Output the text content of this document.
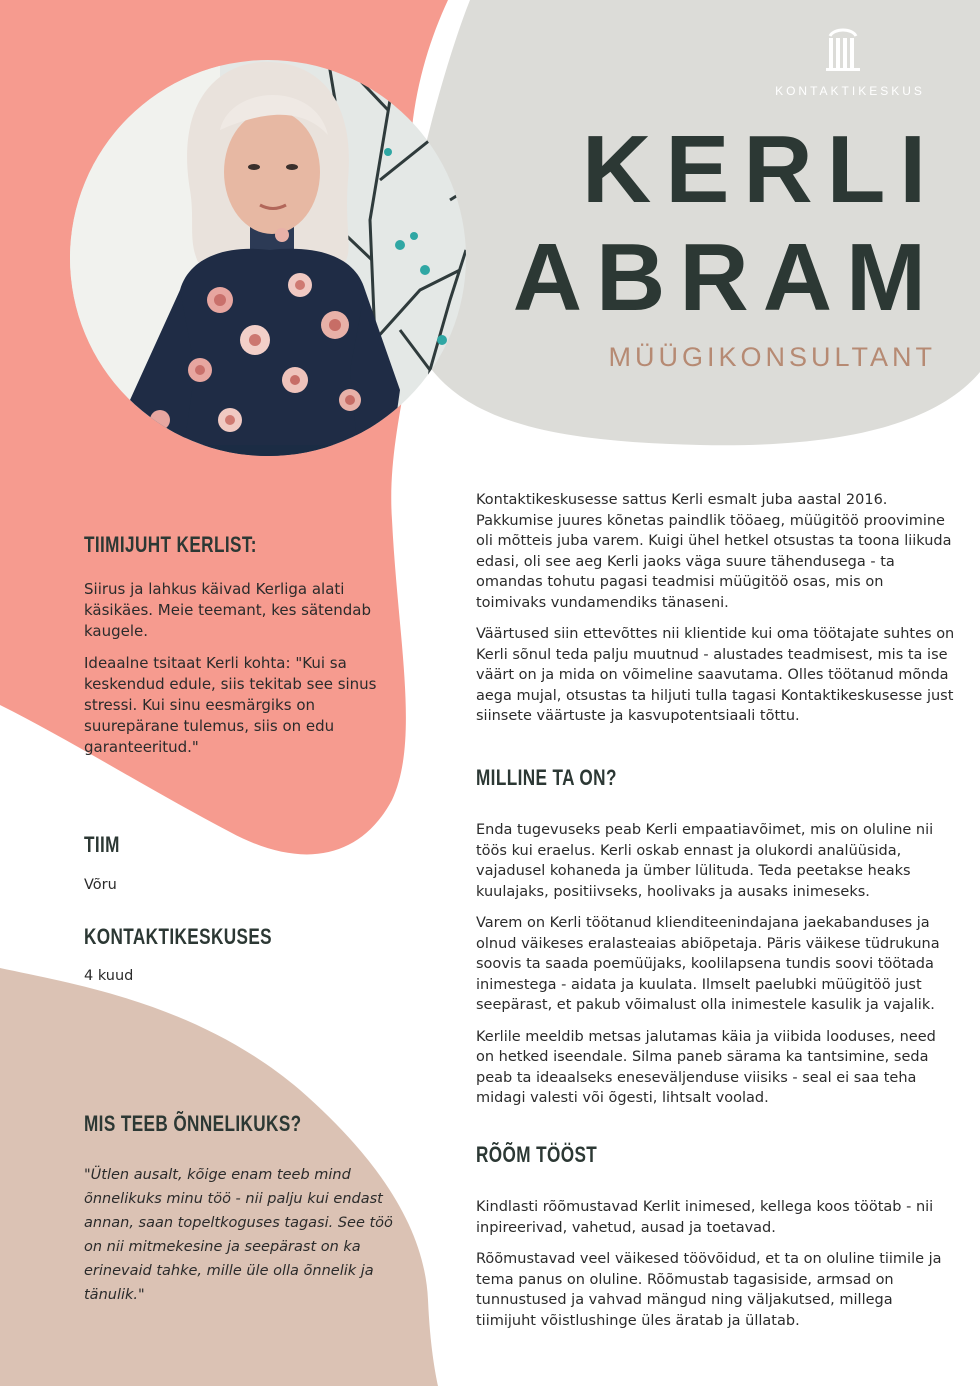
KONTAKTIKESKUS
KERLI
ABRAM
MÜÜGIKONSULTANT
TIIMIJUHT KERLIST:

Siirus ja lahkus käivad Kerliga alati käsikäes. Meie teemant, kes sätendab kaugele.

Ideaalne tsitaat Kerli kohta: "Kui sa keskendud edule, siis tekitab see sinus stressi. Kui sinu eesmärgiks on suurepärane tulemus, siis on edu garanteeritud."

TIIM
Võru
KONTAKTIKESKUSES
4 kuud
MIS TEEB ÕNNELIKUKS?
"Ütlen ausalt, kõige enam teeb mind õnnelikuks minu töö - nii palju kui endast annan, saan topeltkoguses tagasi. See töö on nii mitmekesine ja seepärast on ka erinevaid tahke, mille üle olla õnnelik ja tänulik."

Kontaktikeskusesse sattus Kerli esmalt juba aastal 2016. Pakkumise juures kõnetas paindlik tööaeg, müügitöö proovimine oli mõtteis juba varem. Kuigi ühel hetkel otsustas ta toona liikuda edasi, oli see aeg Kerli jaoks väga suure tähendusega - ta omandas tohutu pagasi teadmisi müügitöö osas, mis on toimivaks vundamendiks tänaseni.

Väärtused siin ettevõttes nii klientide kui oma töötajate suhtes on Kerli sõnul teda palju muutnud - alustades teadmisest, mis ta ise väärt on ja mida on võimeline saavutama. Olles töötanud mõnda aega mujal, otsustas ta hiljuti tulla tagasi Kontaktikeskusesse just siinsete väärtuste ja kasvupotentsiaali tõttu.

MILLINE TA ON?

Enda tugevuseks peab Kerli empaatiavõimet, mis on oluline nii töös kui eraelus. Kerli oskab ennast ja olukordi analüüsida, vajadusel kohaneda ja ümber lülituda. Teda peetakse heaks kuulajaks, positiivseks, hoolivaks ja ausaks inimeseks.

Varem on Kerli töötanud klienditeenindajana jaekabanduses ja olnud väikeses eralasteaias abiõpetaja. Päris väikese tüdrukuna soovis ta saada poemüüjaks, koolilapsena tundis soovi töötada inimestega - aidata ja kuulata. Ilmselt paelubki müügitöö just seepärast, et pakub võimalust olla inimestele kasulik ja vajalik.

Kerlile meeldib metsas jalutamas käia ja viibida looduses, need on hetked iseendale. Silma paneb särama ka tantsimine, seda peab ta ideaalseks eneseväljenduse viisiks - seal ei saa teha midagi valesti või õgesti, lihtsalt voolad.

RÕÕM TÖÖST

Kindlasti rõõmustavad Kerlit inimesed, kellega koos töötab - nii inpireerivad, vahetud, ausad ja toetavad.

Rõõmustavad veel väikesed töövõidud, et ta on oluline tiimile ja tema panus on oluline. Rõõmustab tagasiside, armsad on tunnustused ja vahvad mängud ning väljakutsed, millega tiimijuht võistlushinge üles äratab ja üllatab.
